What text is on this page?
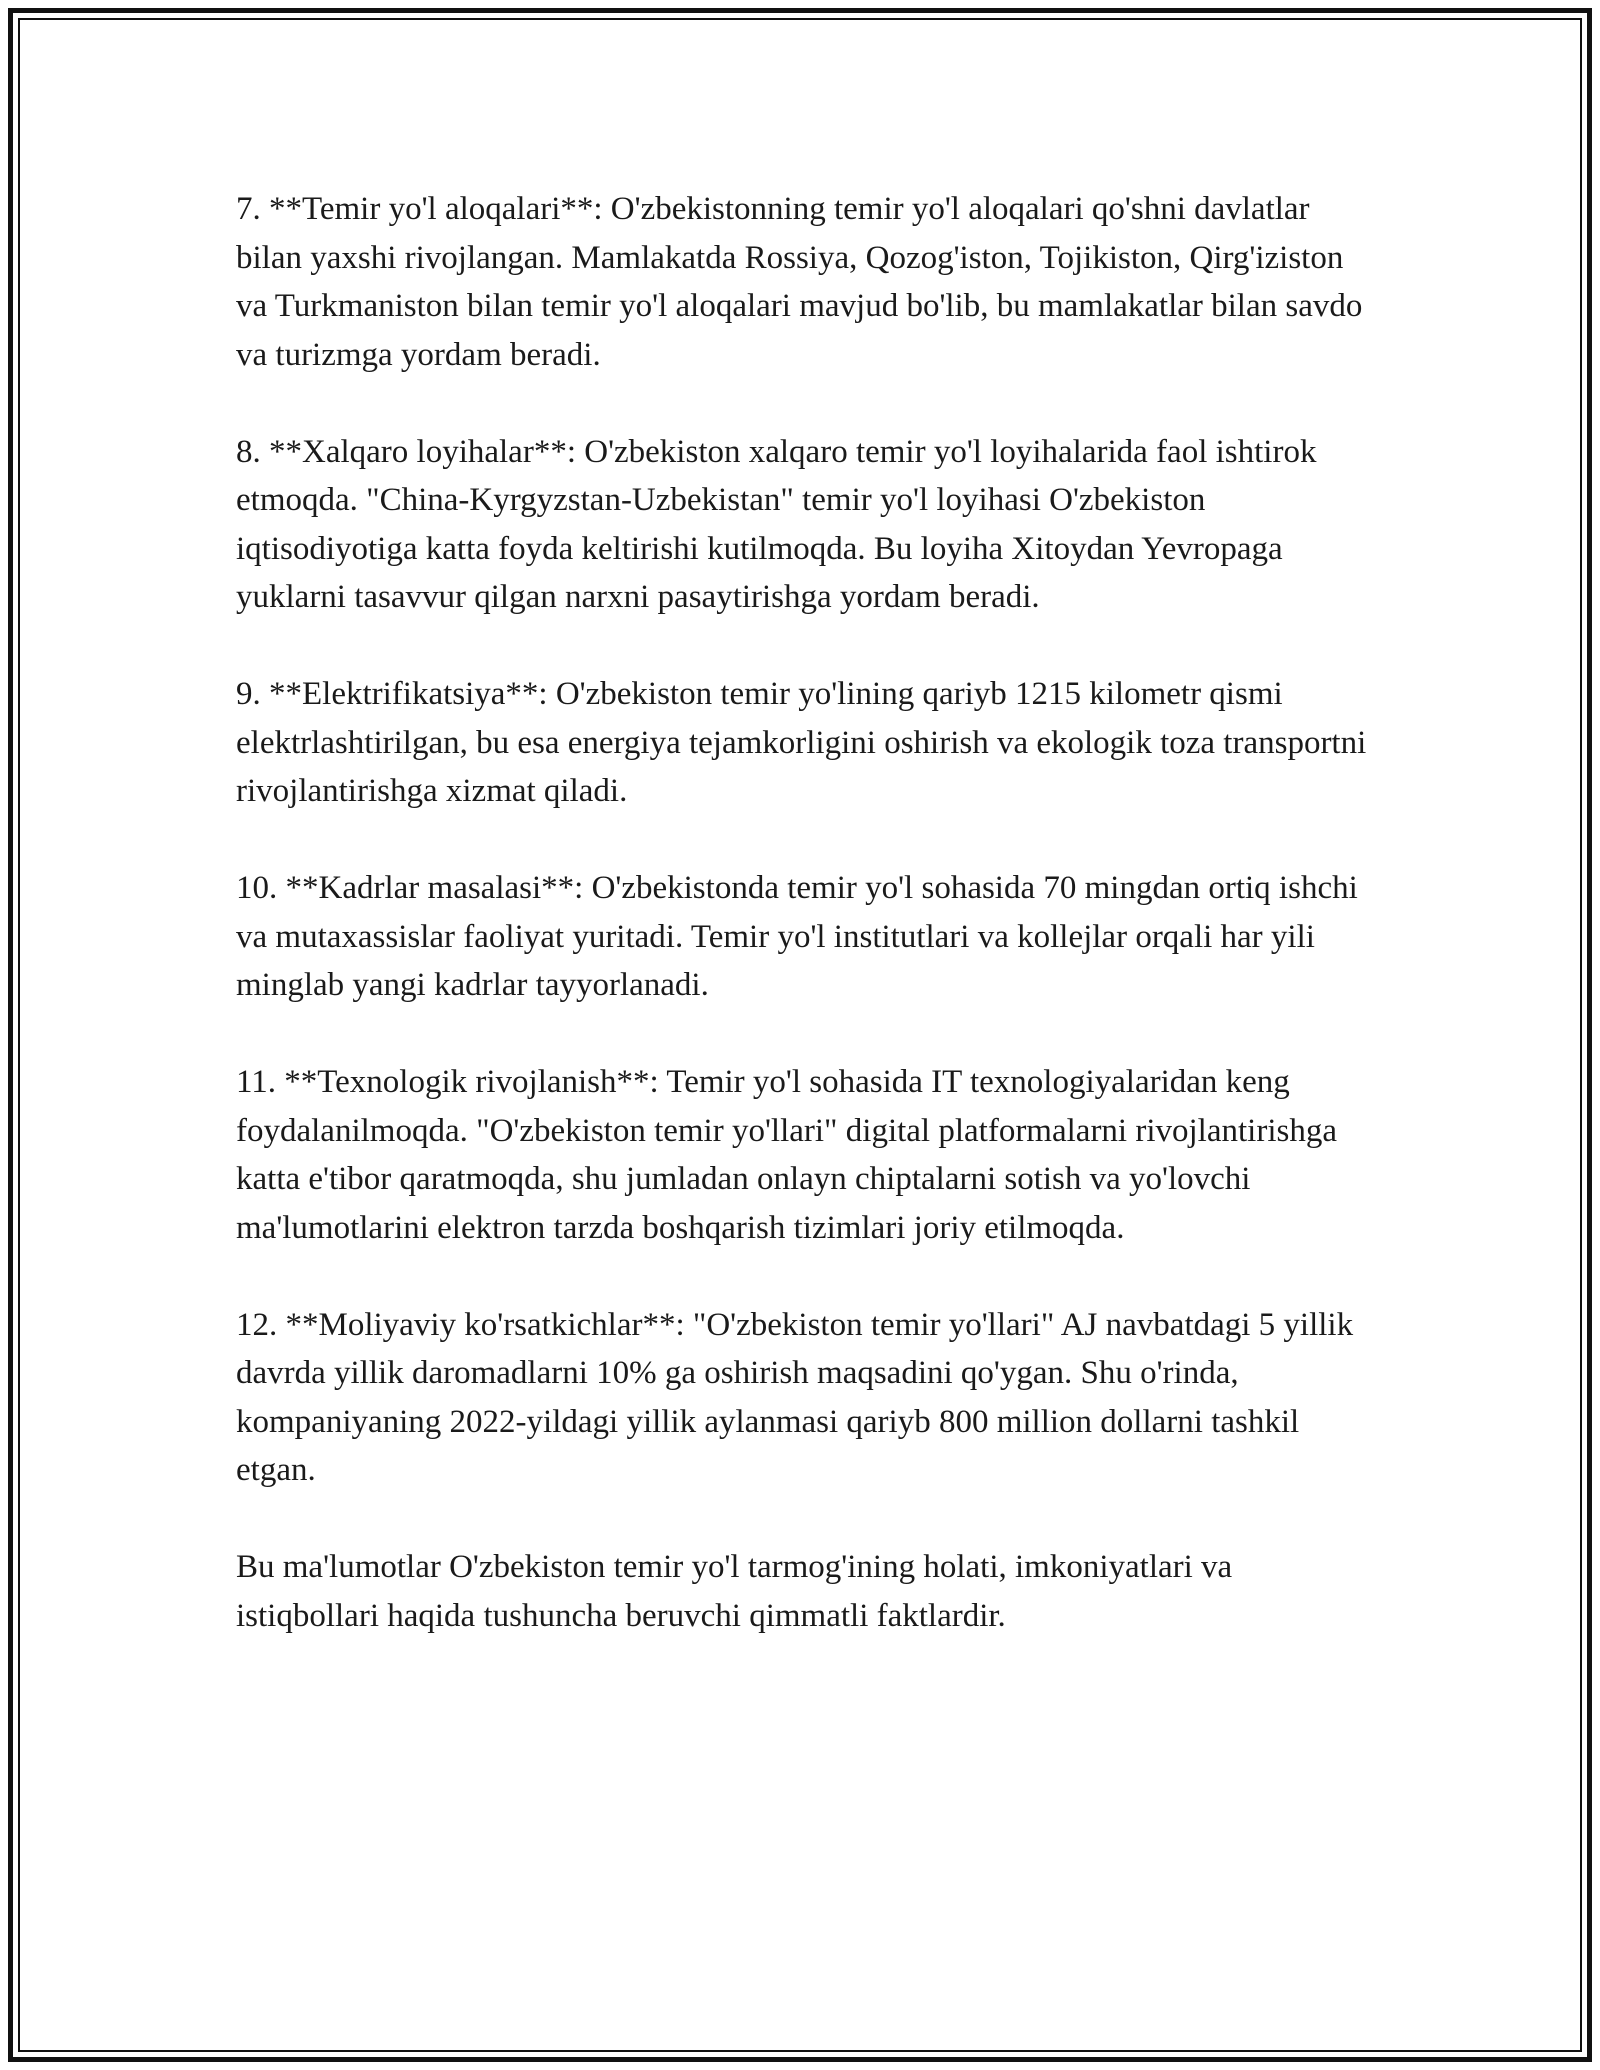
7. **Temir yo'l aloqalari**: O'zbekistonning temir yo'l aloqalari qo'shni davlatlar bilan yaxshi rivojlangan. Mamlakatda Rossiya, Qozog'iston, Tojikiston, Qirg'iziston va Turkmaniston bilan temir yo'l aloqalari mavjud bo'lib, bu mamlakatlar bilan savdo va turizmga yordam beradi.

8. **Xalqaro loyihalar**: O'zbekiston xalqaro temir yo'l loyihalarida faol ishtirok etmoqda. "China-Kyrgyzstan-Uzbekistan" temir yo'l loyihasi O'zbekiston iqtisodiyotiga katta foyda keltirishi kutilmoqda. Bu loyiha Xitoydan Yevropaga yuklarni tasavvur qilgan narxni pasaytirishga yordam beradi.

9. **Elektrifikatsiya**: O'zbekiston temir yo'lining qariyb 1215 kilometr qismi elektrlashtirilgan, bu esa energiya tejamkorligini oshirish va ekologik toza transportni rivojlantirishga xizmat qiladi.

10. **Kadrlar masalasi**: O'zbekistonda temir yo'l sohasida 70 mingdan ortiq ishchi va mutaxassislar faoliyat yuritadi. Temir yo'l institutlari va kollejlar orqali har yili minglab yangi kadrlar tayyorlanadi.

11. **Texnologik rivojlanish**: Temir yo'l sohasida IT texnologiyalaridan keng foydalanilmoqda. "O'zbekiston temir yo'llari" digital platformalarni rivojlantirishga katta e'tibor qaratmoqda, shu jumladan onlayn chiptalarni sotish va yo'lovchi ma'lumotlarini elektron tarzda boshqarish tizimlari joriy etilmoqda.

12. **Moliyaviy ko'rsatkichlar**: "O'zbekiston temir yo'llari" AJ navbatdagi 5 yillik davrda yillik daromadlarni 10% ga oshirish maqsadini qo'ygan. Shu o'rinda, kompaniyaning 2022-yildagi yillik aylanmasi qariyb 800 million dollarni tashkil etgan.

Bu ma'lumotlar O'zbekiston temir yo'l tarmog'ining holati, imkoniyatlari va istiqbollari haqida tushuncha beruvchi qimmatli faktlardir.
